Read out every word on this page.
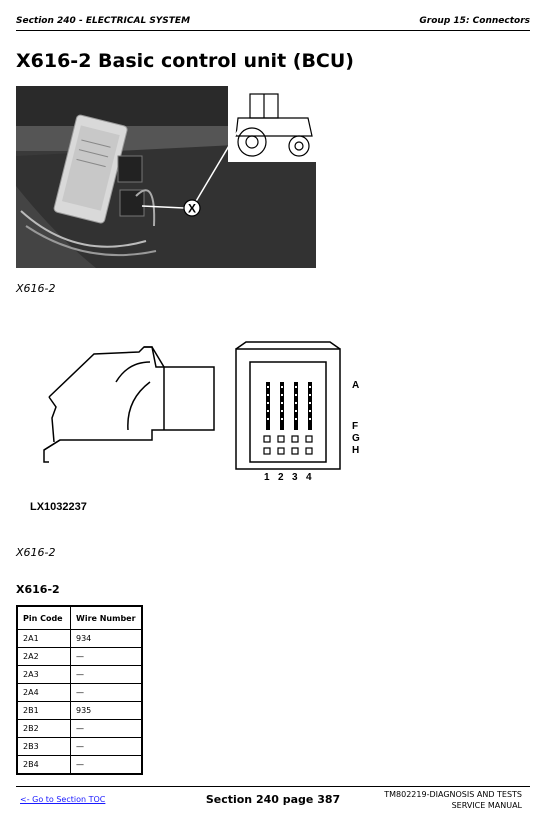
Section 240 - ELECTRICAL SYSTEM	Group 15: Connectors
X616-2 Basic control unit (BCU)
X
X616-2
A
F
G
H
1 2 3 4
LX1032237
X616-2
X616-2
Pin Code	Wire Number
2A1	934
2A2	—
2A3	—
2A4	—
2B1	935
2B2	—
2B3	—
2B4	—
<- Go to Section TOC	Section 240 page 387	TM802219-DIAGNOSIS AND TESTS
SERVICE MANUAL
